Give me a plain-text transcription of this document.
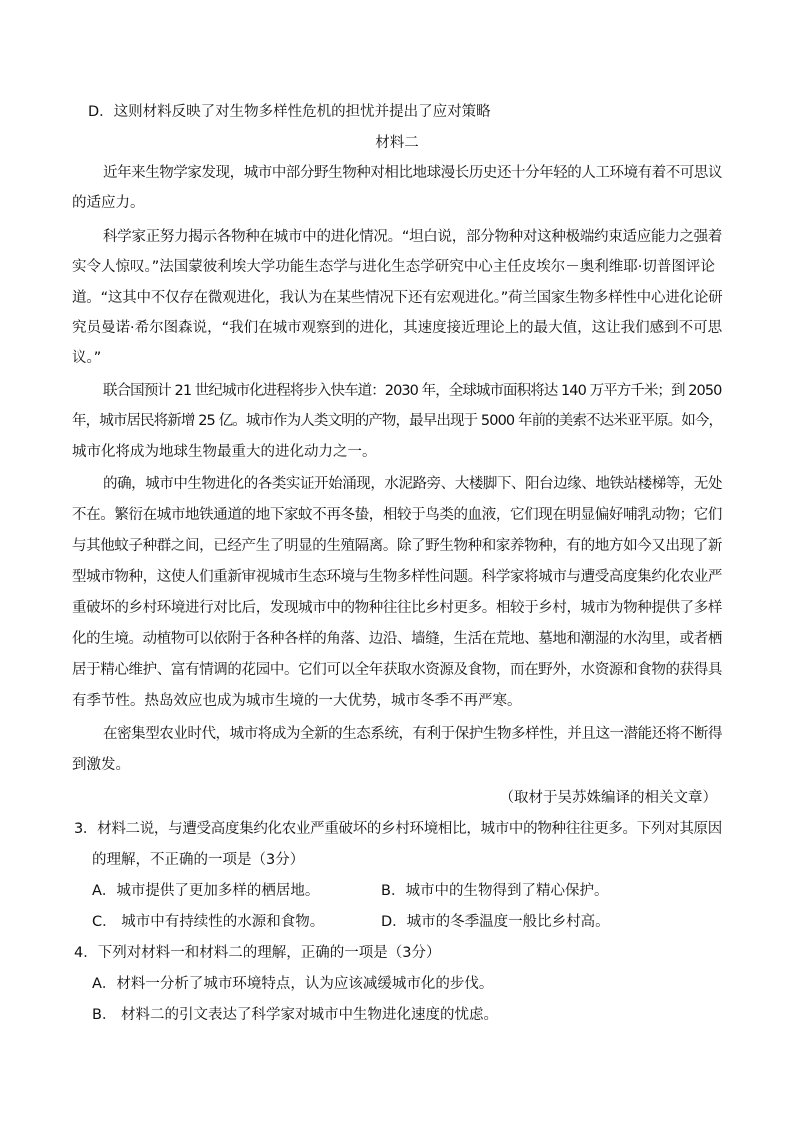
D．这则材料反映了对生物多样性危机的担忧并提出了应对策略
材料二
近年来生物学家发现，城市中部分野生物种对相比地球漫长历史还十分年轻的人工环境有着不可思议
的适应力。
科学家正努力揭示各物种在城市中的进化情况。“坦白说，部分物种对这种极端约束适应能力之强着
实令人惊叹。”法国蒙彼利埃大学功能生态学与进化生态学研究中心主任皮埃尔－奥利维耶·切普图评论
道。“这其中不仅存在微观进化，我认为在某些情况下还有宏观进化。”荷兰国家生物多样性中心进化论研
究员曼诺·希尔图森说，“我们在城市观察到的进化，其速度接近理论上的最大值，这让我们感到不可思
议。”
联合国预计 21 世纪城市化进程将步入快车道：2030 年，全球城市面积将达 140 万平方千米；到 2050
年，城市居民将新增 25 亿。城市作为人类文明的产物，最早出现于 5000 年前的美索不达米亚平原。如今，
城市化将成为地球生物最重大的进化动力之一。
的确，城市中生物进化的各类实证开始涌现，水泥路旁、大楼脚下、阳台边缘、地铁站楼梯等，无处
不在。繁衍在城市地铁通道的地下家蚊不再冬蛰，相较于鸟类的血液，它们现在明显偏好哺乳动物；它们
与其他蚊子种群之间，已经产生了明显的生殖隔离。除了野生物种和家养物种，有的地方如今又出现了新
型城市物种，这使人们重新审视城市生态环境与生物多样性问题。科学家将城市与遭受高度集约化农业严
重破坏的乡村环境进行对比后，发现城市中的物种往往比乡村更多。相较于乡村，城市为物种提供了多样
化的生境。动植物可以依附于各种各样的角落、边沿、墙缝，生活在荒地、墓地和潮湿的水沟里，或者栖
居于精心维护、富有情调的花园中。它们可以全年获取水资源及食物，而在野外，水资源和食物的获得具
有季节性。热岛效应也成为城市生境的一大优势，城市冬季不再严寒。
在密集型农业时代，城市将成为全新的生态系统，有利于保护生物多样性，并且这一潜能还将不断得
到激发。
（取材于吴苏姝编译的相关文章）
3．材料二说，与遭受高度集约化农业严重破坏的乡村环境相比，城市中的物种往往更多。下列对其原因
的理解，不正确的一项是（3分）
A．城市提供了更加多样的栖居地。	B．城市中的生物得到了精心保护。
C． 城市中有持续性的水源和食物。	D．城市的冬季温度一般比乡村高。
4．下列对材料一和材料二的理解，正确的一项是（3分）
A．材料一分析了城市环境特点，认为应该减缓城市化的步伐。
B． 材料二的引文表达了科学家对城市中生物进化速度的忧虑。
